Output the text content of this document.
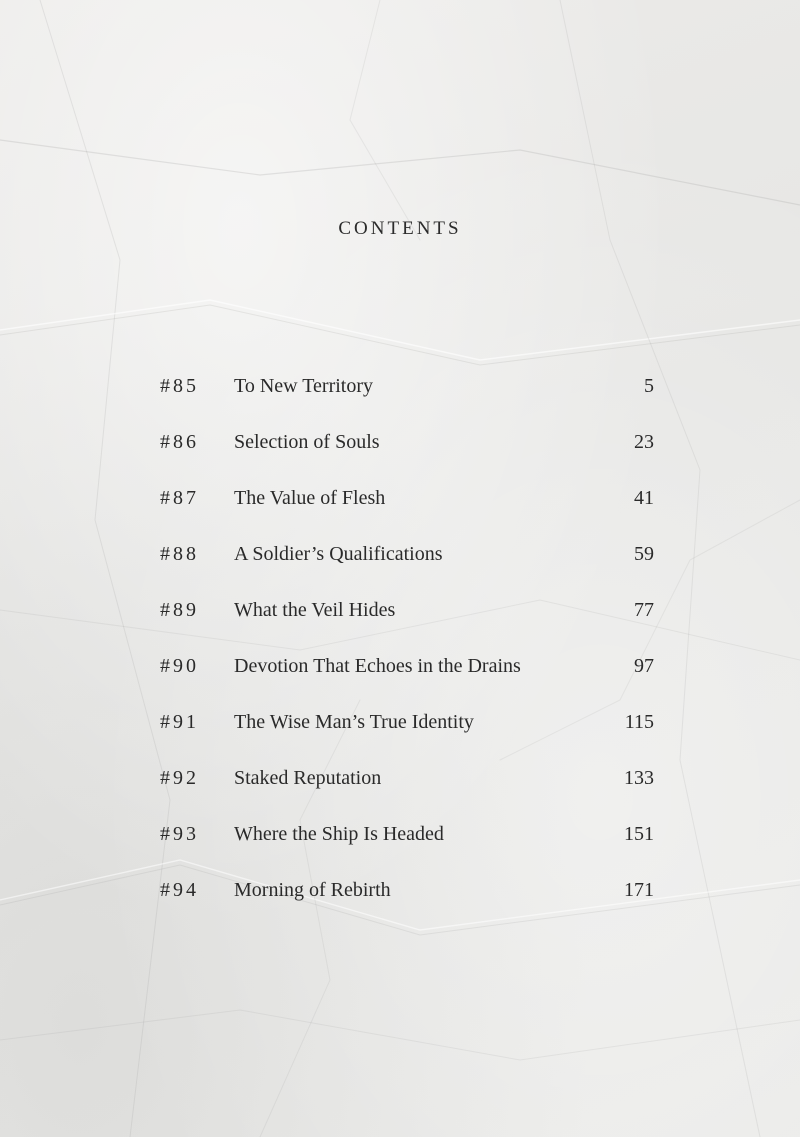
CONTENTS
#85	To New Territory	5
#86	Selection of Souls	23
#87	The Value of Flesh	41
#88	A Soldier’s Qualifications	59
#89	What the Veil Hides	77
#90	Devotion That Echoes in the Drains	97
#91	The Wise Man’s True Identity	115
#92	Staked Reputation	133
#93	Where the Ship Is Headed	151
#94	Morning of Rebirth	171
